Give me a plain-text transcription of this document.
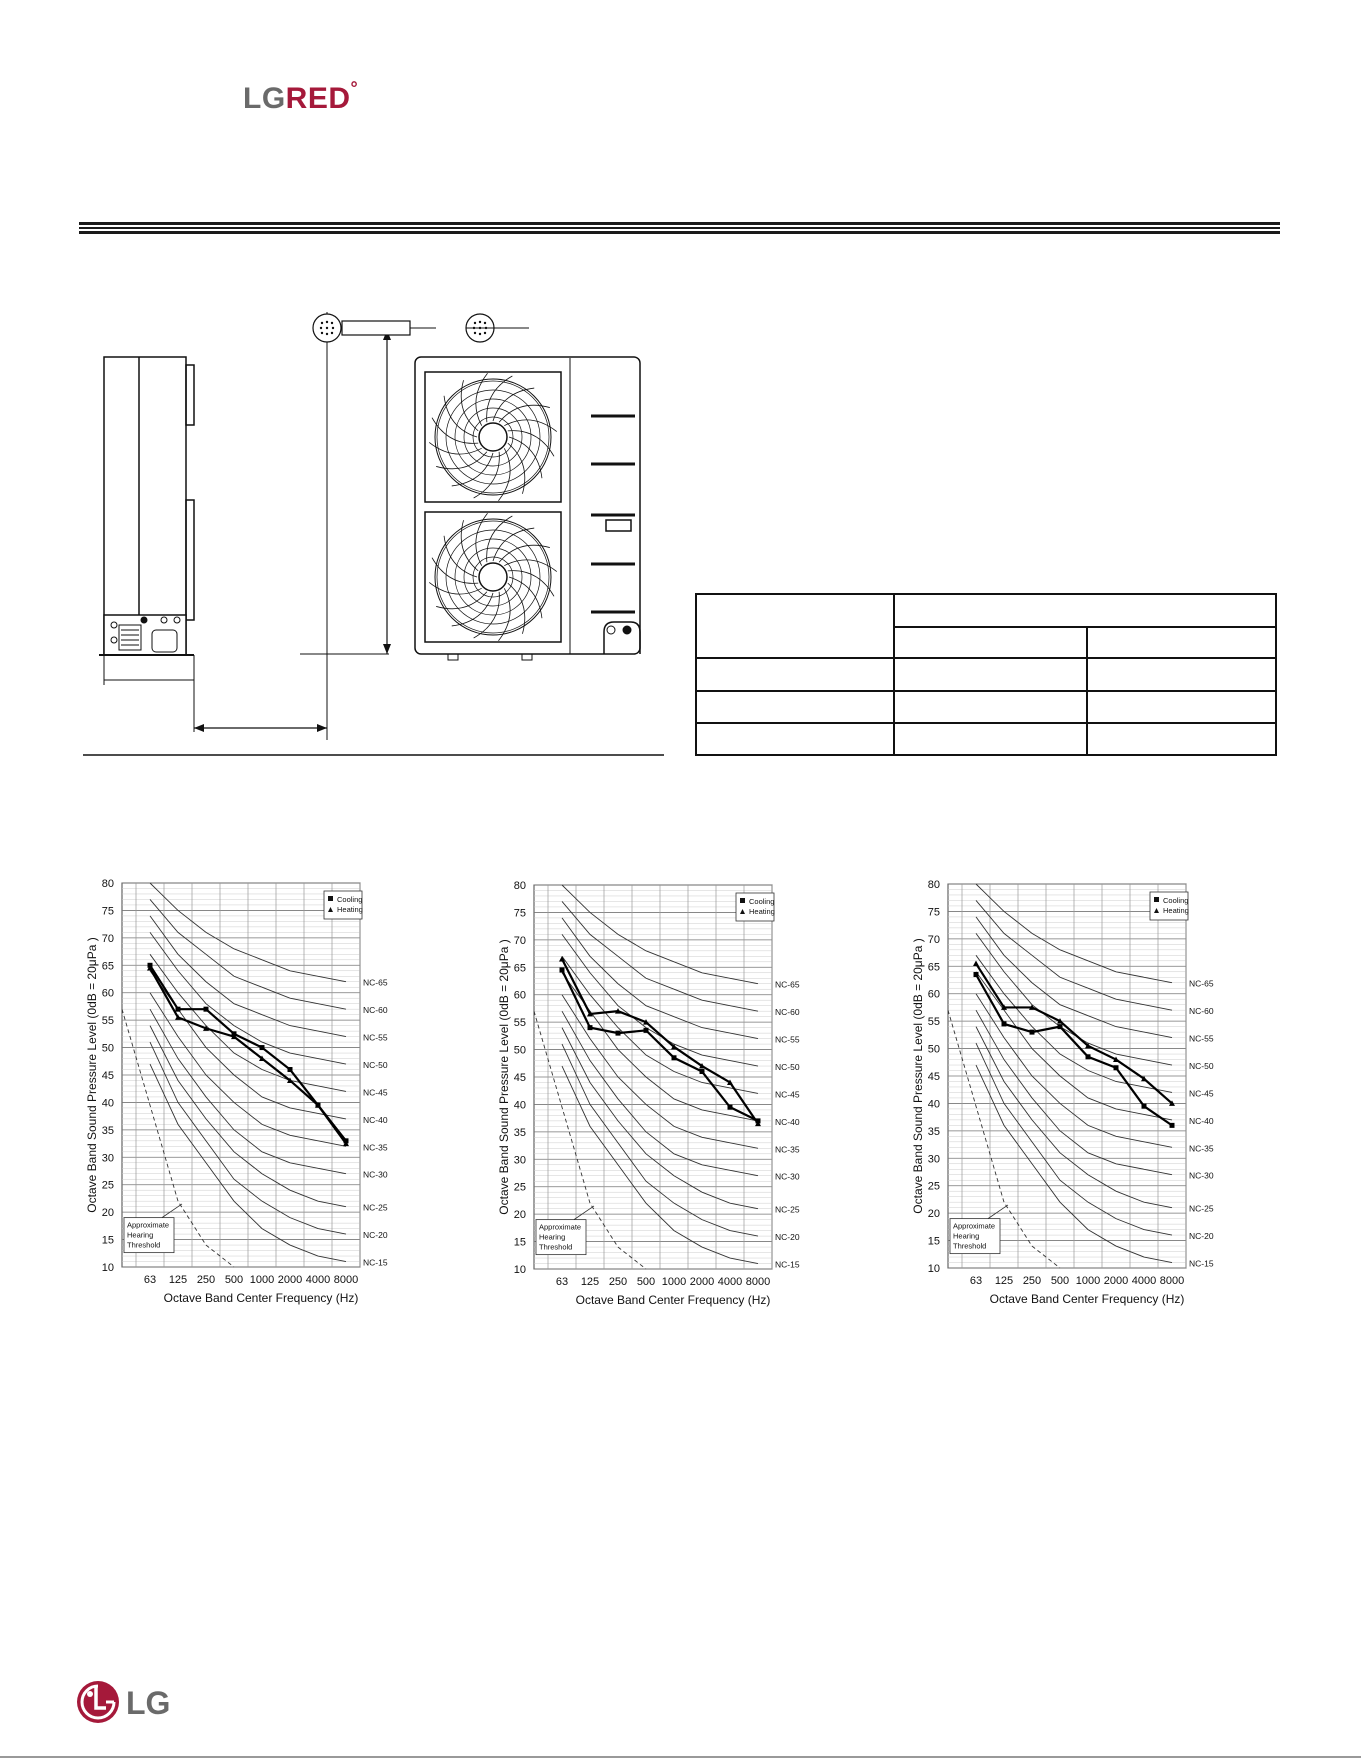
LGRED°

10
15
20
25
30
35
40
45
50
55
60
65
70
75
80
63 125 250 500 1000 2000 4000 8000
Octave Band Center Frequency (Hz)
Octave Band Sound Pressure Level (0dB = 20μPa )	NC-65
NC-60
NC-55
NC-50
NC-45
NC-40
NC-35
NC-30
NC-25
NC-20
NC-15
Approximate
Hearing
Threshold
Cooling
Heating
10
15
20
25
30
35
40
45
50
55
60
65
70
75
80
63 125 250 500 1000 2000 4000 8000
Octave Band Center Frequency (Hz)
Octave Band Sound Pressure Level (0dB = 20μPa )	NC-65
NC-60
NC-55
NC-50
NC-45
NC-40
NC-35
NC-30
NC-25
NC-20
NC-15
Approximate
Hearing
Threshold
Cooling
Heating
10
15
20
25
30
35
40
45
50
55
60
65
70
75
80
63 125 250 500 1000 2000 4000 8000
Octave Band Center Frequency (Hz)
Octave Band Sound Pressure Level (0dB = 20μPa )	NC-65
NC-60
NC-55
NC-50
NC-45
NC-40
NC-35
NC-30
NC-25
NC-20
NC-15
Approximate
Hearing
Threshold
Cooling
Heating
LG
